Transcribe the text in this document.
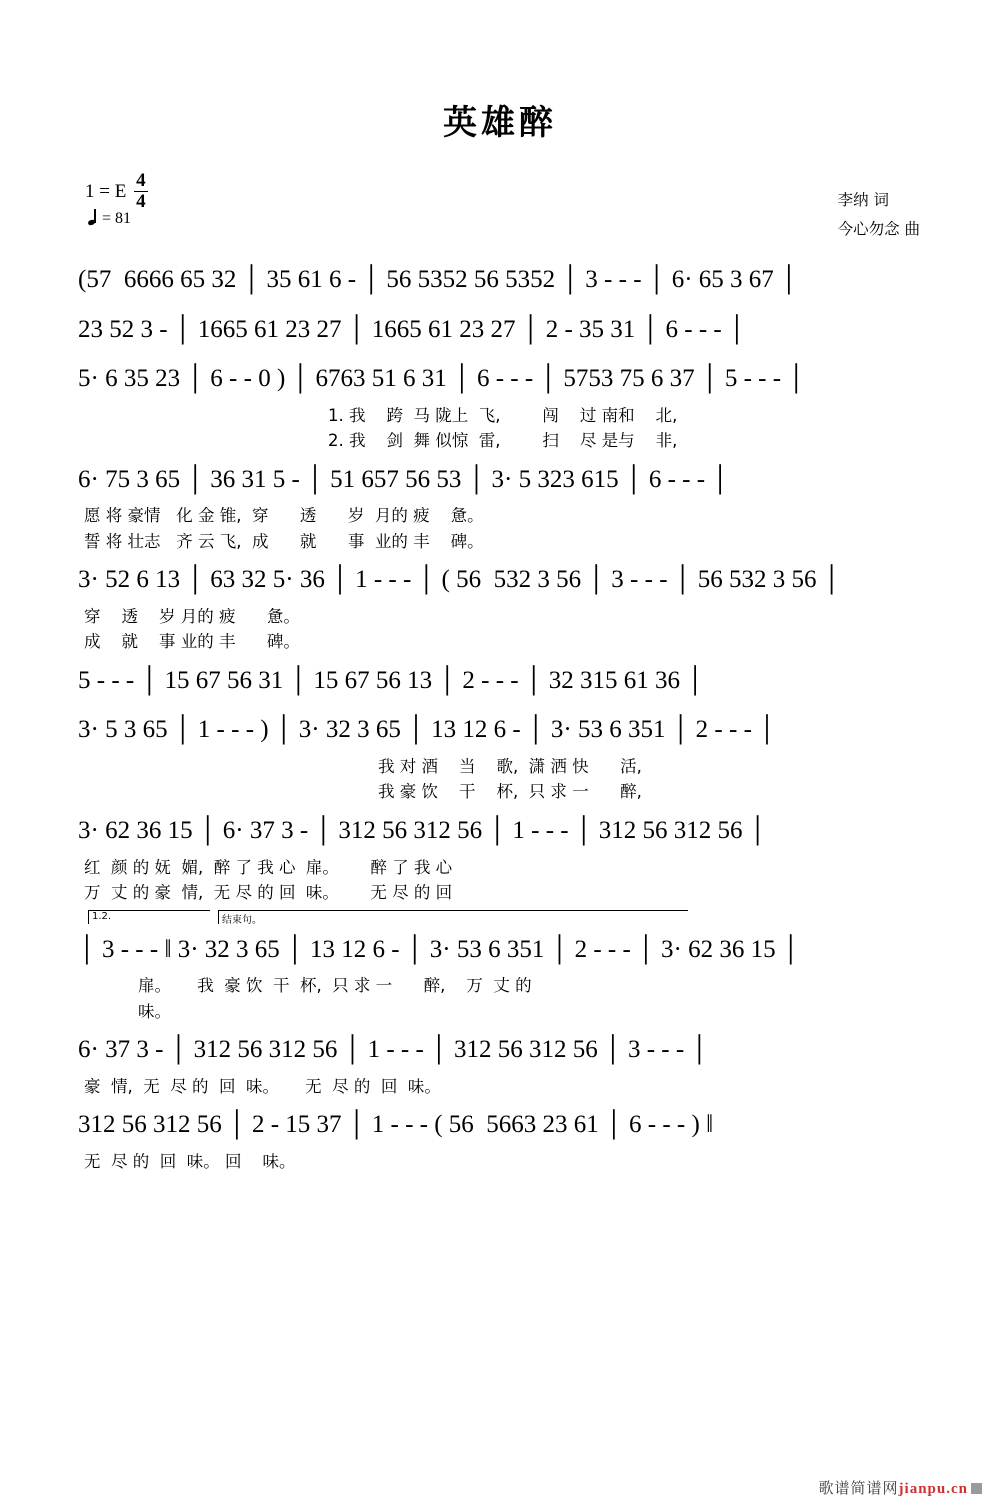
英雄醉
1 = E $\frac{4}{4}$
= 81
李纳 词
今心勿念 曲
(57  6666 65 32 │ 35 61 6 - │ 56 5352 56 5352 │ 3 - - - │ 6· 65 3 67 │
23 52 3 - │ 1665 61 23 27 │ 1665 61 23 27 │ 2 - 35 31 │ 6 - - - │
5· 6 35 23 │ 6 - - 0 ) │ 6763 51 6 31 │ 6 - - - │ 5753 75 6 37 │ 5 - - - │
1. 我    跨  马 陇上  飞,        闯    过 南和    北,
2. 我    剑  舞 似惊  雷,        扫    尽 是与    非,
6· 75 3 65 │ 36 31 5 - │ 51 657 56 53 │ 3· 5 323 615 │ 6 - - - │
愿 将 豪情   化 金 锥,  穿      透      岁  月的 疲    惫。
誓 将 壮志   齐 云 飞,  成      就      事  业的 丰    碑。
3· 52 6 13 │ 63 32 5· 36 │ 1 - - - │ ( 56  532 3 56 │ 3 - - - │ 56 532 3 56 │
穿    透    岁 月的 疲      惫。
成    就    事 业的 丰      碑。
5 - - - │ 15 67 56 31 │ 15 67 56 13 │ 2 - - - │ 32 315 61 36 │
3· 5 3 65 │ 1 - - - ) │ 3· 32 3 65 │ 13 12 6 - │ 3· 53 6 351 │ 2 - - - │
我 对 酒    当    歌,  潇 洒 快      活,
我 豪 饮    干    杯,  只 求 一      醉,
3· 62 36 15 │ 6· 37 3 - │ 312 56 312 56 │ 1 - - - │ 312 56 312 56 │
红  颜 的 妩  媚,  醉 了 我 心  扉。      醉 了 我 心
万  丈 的 豪  情,  无 尽 的 回  味。      无 尽 的 回
1.2.	结束句。
│ 3 - - - ‖ 3· 32 3 65 │ 13 12 6 - │ 3· 53 6 351 │ 2 - - - │ 3· 62 36 15 │
扉。     我  豪 饮  干  杯,  只 求 一      醉,    万  丈 的
味。
6· 37 3 - │ 312 56 312 56 │ 1 - - - │ 312 56 312 56 │ 3 - - - │
豪  情,  无  尽 的  回  味。     无  尽 的  回  味。
312 56 312 56 │ 2 - 15 37 │ 1 - - - ( 56  5663 23 61 │ 6 - - - ) ‖
无  尽 的  回  味。 回    味。
歌谱简谱网jianpu.cn
